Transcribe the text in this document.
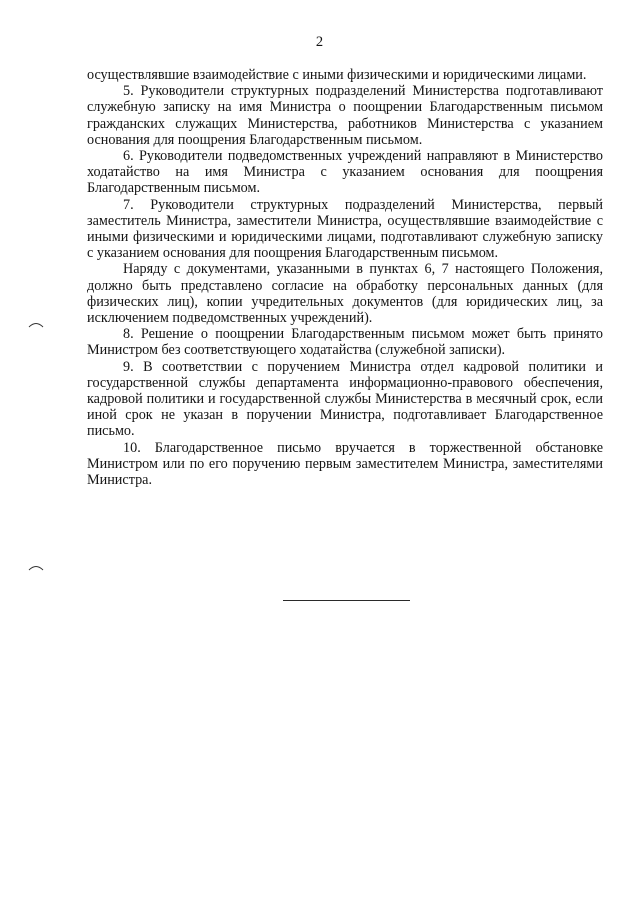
2

осуществлявшие взаимодействие с иными физическими и юридическими лицами.

5. Руководители структурных подразделений Министерства подготавливают служебную записку на имя Министра о поощрении Благодарственным письмом гражданских служащих Министерства, работников Министерства с указанием основания для поощрения Благодарственным письмом.

6. Руководители подведомственных учреждений направляют в Министерство ходатайство на имя Министра с указанием основания для поощрения Благодарственным письмом.

7. Руководители структурных подразделений Министерства, первый заместитель Министра, заместители Министра, осуществлявшие взаимодействие с иными физическими и юридическими лицами, подготавливают служебную записку с указанием основания для поощрения Благодарственным письмом.

Наряду с документами, указанными в пунктах 6, 7 настоящего Положения, должно быть представлено согласие на обработку персональных данных (для физических лиц), копии учредительных документов (для юридических лиц, за исключением подведомственных учреждений).

8. Решение о поощрении Благодарственным письмом может быть принято Министром без соответствующего ходатайства (служебной записки).

9. В соответствии с поручением Министра отдел кадровой политики и государственной службы департамента информационно-правового обеспечения, кадровой политики и государственной службы Министерства в месячный срок, если иной срок не указан в поручении Министра, подготавливает Благодарственное письмо.

10. Благодарственное письмо вручается в торжественной обстановке Министром или по его поручению первым заместителем Министра, заместителями Министра.
